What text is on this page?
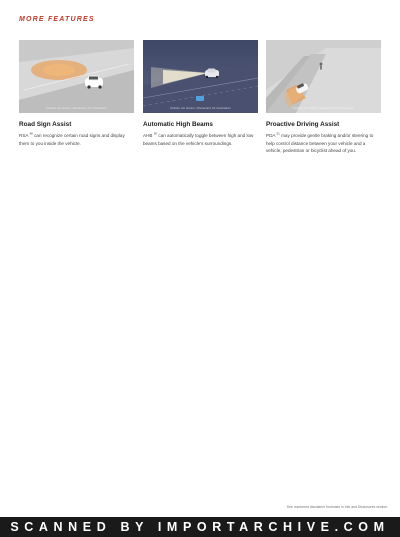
MORE FEATURES
Vehicle not shown. Characters for illustration
Road Sign Assist
RSA $^{48}$ can recognize certain road signs and display them to you inside the vehicle.
Vehicle not shown. Characters for illustration
Automatic High Beams
AHB $^{50}$ can automatically toggle between high and low beams based on the vehicle's surroundings.
Vehicle not shown. Characters for illustration
Proactive Driving Assist
PDA $^{51}$ may provide gentle braking and/or steering to help control distance between your vehicle and a vehicle, pedestrian or bicyclist ahead of you.
See numbered disclaimer footnotes in Info and Disclosures section.
SCANNED BY IMPORTARCHIVE.COM
